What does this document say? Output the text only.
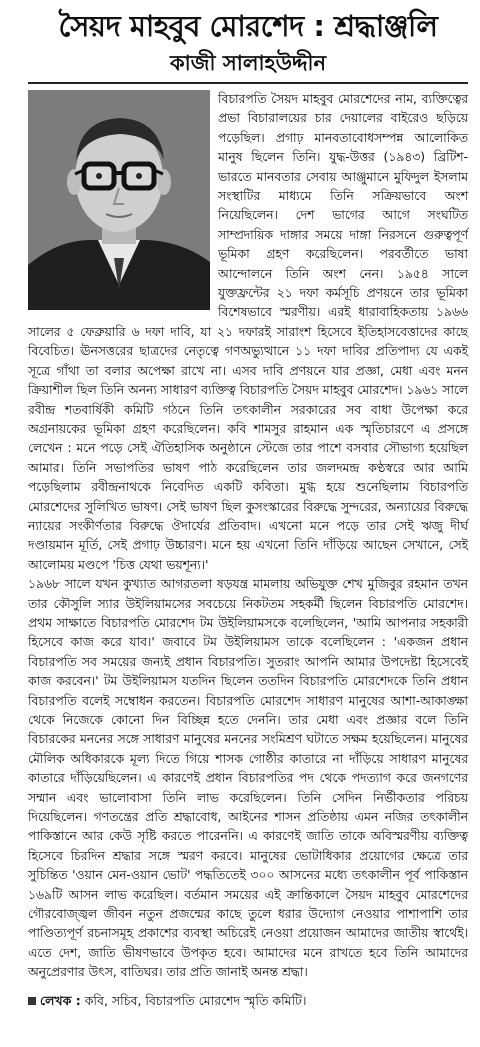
সৈয়দ মাহবুব মোরশেদ : শ্রদ্ধাঞ্জলি
কাজী সালাহউদ্দীন

বিচারপতি সৈয়দ মাহবুব মোরশেদের নাম, ব্যক্তিত্বের প্রভা বিচারালয়ের চার দেয়ালের বাইরেও ছড়িয়ে পড়েছিল। প্রগাঢ় মানবতাবোধসম্পন্ন আলোকিত মানুষ ছিলেন তিনি। যুদ্ধ-উত্তর (১৯৪৩) ব্রিটিশ-ভারতে মানবতার সেবায় আঞ্জুমানে মুফিদুল ইসলাম সংস্থাটির মাধ্যমে তিনি সক্রিয়ভাবে অংশ নিয়েছিলেন। দেশ ভাগের আগে সংঘটিত সাম্প্রদায়িক দাঙ্গার সময়ে দাঙ্গা নিরসনে গুরুত্বপূর্ণ ভূমিকা গ্রহণ করেছিলেন। পরবর্তীতে ভাষা আন্দোলনে তিনি অংশ নেন। ১৯৫৪ সালে যুক্তফ্রন্টের ২১ দফা কর্মসূচি প্রণয়নে তার ভূমিকা বিশেষভাবে স্মরণীয়। এরই ধারাবাহিকতায় ১৯৬৬ সালের ৫ ফেব্রুয়ারি ৬ দফা দাবি, যা ২১ দফারই সারাংশ হিসেবে ইতিহাসবেত্তাদের কাছে বিবেচিত। ঊনসত্তরের ছাত্রদের নেতৃত্বে গণঅভ্যুত্থানে ১১ দফা দাবির প্রতিপাদ্য যে একই সূত্রে গাঁথা তা বলার অপেক্ষা রাখে না। এসব দাবি প্রণয়নে যার প্রজ্ঞা, মেধা এবং মনন ক্রিয়াশীল ছিল তিনি অনন্য সাধারণ ব্যক্তিত্ব বিচারপতি সৈয়দ মাহবুব মোরশেদ। ১৯৬১ সালে রবীন্দ্র শতবার্ষিকী কমিটি গঠনে তিনি তৎকালীন সরকারের সব বাধা উপেক্ষা করে অগ্রনায়কের ভূমিকা গ্রহণ করেছিলেন। কবি শামসুর রাহমান এক স্মৃতিচারণে এ প্রসঙ্গে লেখেন : মনে পড়ে সেই ঐতিহাসিক অনুষ্ঠানে স্টেজে তার পাশে বসবার সৌভাগ্য হয়েছিল আমার। তিনি সভাপতির ভাষণ পাঠ করেছিলেন তার জলদমন্দ্র কণ্ঠস্বরে আর আমি পড়েছিলাম রবীন্দ্রনাথকে নিবেদিত একটি কবিতা। মুগ্ধ হয়ে শুনেছিলাম বিচারপতি মোরশেদের সুলিখিত ভাষণ। সেই ভাষণ ছিল কুসংস্কারের বিরুদ্ধে সুন্দরের, অন্যায়ের বিরুদ্ধে ন্যায়ের সংকীর্ণতার বিরুদ্ধে ঔদার্যের প্রতিবাদ। এখনো মনে পড়ে তার সেই ঋজু দীর্ঘ দণ্ডায়মান মূর্তি, সেই প্রগাঢ় উচ্চারণ। মনে হয় এখনো তিনি দাঁড়িয়ে আছেন সেখানে, সেই আলোময় মণ্ডপে 'চিত্ত যেথা ভয়শূন্য।'

১৯৬৮ সালে যখন কুখ্যাত আগরতলা ষড়যন্ত্র মামলায় অভিযুক্ত শেখ মুজিবুর রহমান তখন তার কৌসুলি স্যার উইলিয়ামসের সবচেয়ে নিকটতম সহকর্মী ছিলেন বিচারপতি মোরশেদ। প্রথম সাক্ষাতে বিচারপতি মোরশেদ টম উইলিয়ামসকে বলেছিলেন, 'আমি আপনার সহকারী হিসেবে কাজ করে যাব।' জবাবে টম উইলিয়ামস তাকে বলেছিলেন : 'একজন প্রধান বিচারপতি সব সময়ের জন্যই প্রধান বিচারপতি। সুতরাং আপনি আমার উপদেষ্টা হিসেবেই কাজ করবেন।' টম উইলিয়ামস যতদিন ছিলেন ততদিন বিচারপতি মোরশেদকে তিনি প্রধান বিচারপতি বলেই সম্বোধন করতেন। বিচারপতি মোরশেদ সাধারণ মানুষের আশা-আকাঙ্ক্ষা থেকে নিজেকে কোনো দিন বিচ্ছিন্ন হতে দেননি। তার মেধা এবং প্রজ্ঞার বলে তিনি বিচারকের মননের সঙ্গে সাধারণ মানুষের মননের সংমিশ্রণ ঘটাতে সক্ষম হয়েছিলেন। মানুষের মৌলিক অধিকারকে মূল্য দিতে গিয়ে শাসক গোষ্ঠীর কাতারে না দাঁড়িয়ে সাধারণ মানুষের কাতারে দাঁড়িয়েছিলেন। এ কারণেই প্রধান বিচারপতির পদ থেকে পদত্যাগ করে জনগণের সম্মান এবং ভালোবাসা তিনি লাভ করেছিলেন। তিনি সেদিন নির্ভীকতার পরিচয় দিয়েছিলেন। গণতন্ত্রের প্রতি শ্রদ্ধাবোধ, আইনের শাসন প্রতিষ্ঠায় এমন নজির তৎকালীন পাকিস্তানে আর কেউ সৃষ্টি করতে পারেননি। এ কারণেই জাতি তাকে অবিস্মরণীয় ব্যক্তিত্ব হিসেবে চিরদিন শ্রদ্ধার সঙ্গে স্মরণ করবে। মানুষের ভোটাধিকার প্রয়োগের ক্ষেত্রে তার সুচিন্তিত 'ওয়ান মেন-ওয়ান ভোট' পদ্ধতিতেই ৩০০ আসনের মধ্যে তৎকালীন পূর্ব পাকিস্তান ১৬৯টি আসন লাভ করেছিল। বর্তমান সময়ের এই ক্রান্তিকালে সৈয়দ মাহবুব মোরশেদের গৌরবোজ্জ্বল জীবন নতুন প্রজন্মের কাছে তুলে ধরার উদ্যোগ নেওয়ার পাশাপাশি তার পাণ্ডিত্যপূর্ণ রচনাসমূহ প্রকাশের ব্যবস্থা অচিরেই নেওয়া প্রয়োজন আমাদের জাতীয় স্বার্থেই। এতে দেশ, জাতি ভীষণভাবে উপকৃত হবে। আমাদের মনে রাখতে হবে তিনি আমাদের অনুপ্রেরণার উৎস, বাতিঘর। তার প্রতি জানাই অনন্ত শ্রদ্ধা।

লেখক : কবি, সচিব, বিচারপতি মোরশেদ স্মৃতি কমিটি।
